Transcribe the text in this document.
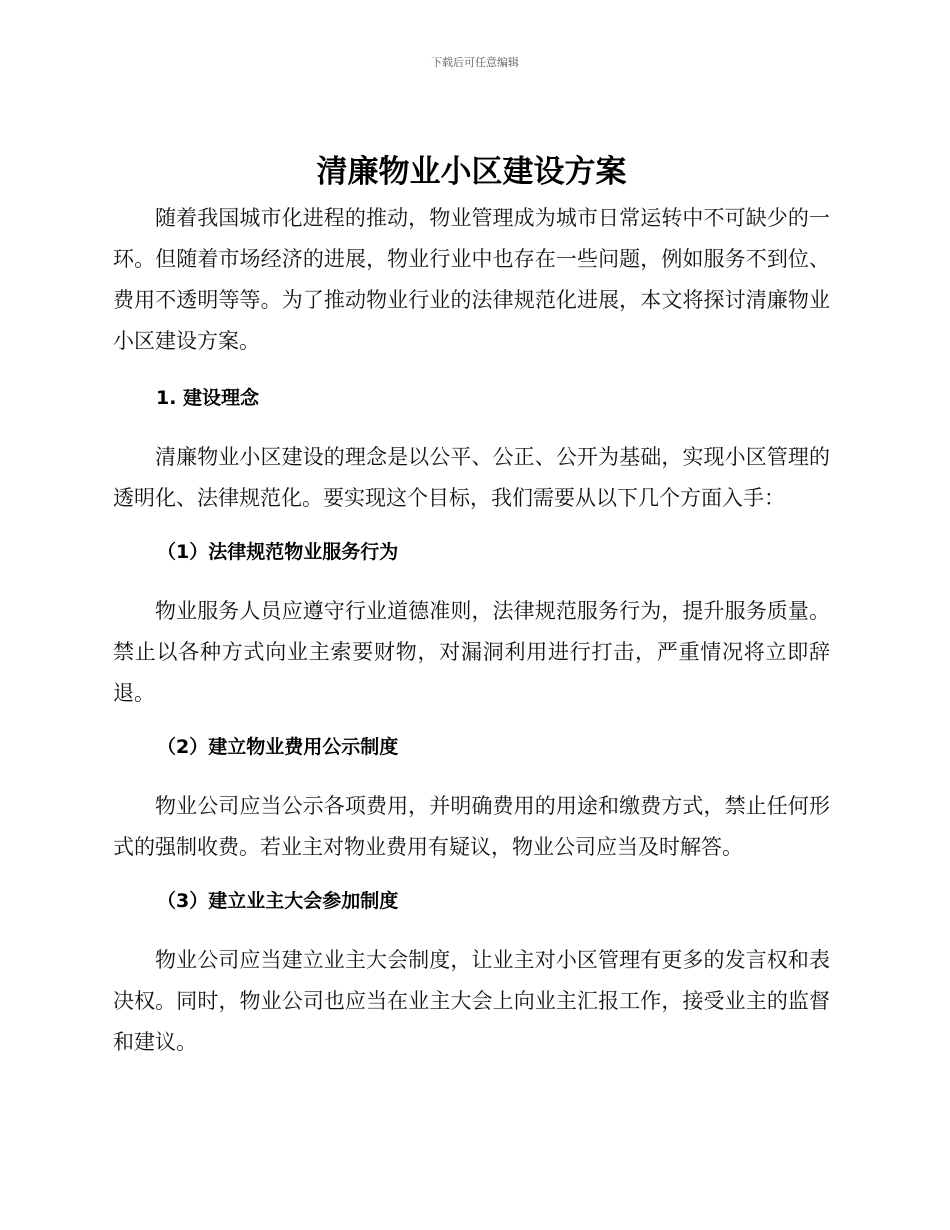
下载后可任意编辑
清廉物业小区建设方案

随着我国城市化进程的推动，物业管理成为城市日常运转中不可缺少的一环。但随着市场经济的进展，物业行业中也存在一些问题，例如服务不到位、费用不透明等等。为了推动物业行业的法律规范化进展，本文将探讨清廉物业小区建设方案。

1. 建设理念

清廉物业小区建设的理念是以公平、公正、公开为基础，实现小区管理的透明化、法律规范化。要实现这个目标，我们需要从以下几个方面入手：

（1）法律规范物业服务行为

物业服务人员应遵守行业道德准则，法律规范服务行为，提升服务质量。禁止以各种方式向业主索要财物，对漏洞利用进行打击，严重情况将立即辞退。

（2）建立物业费用公示制度

物业公司应当公示各项费用，并明确费用的用途和缴费方式，禁止任何形式的强制收费。若业主对物业费用有疑议，物业公司应当及时解答。

（3）建立业主大会参加制度

物业公司应当建立业主大会制度，让业主对小区管理有更多的发言权和表决权。同时，物业公司也应当在业主大会上向业主汇报工作，接受业主的监督和建议。
